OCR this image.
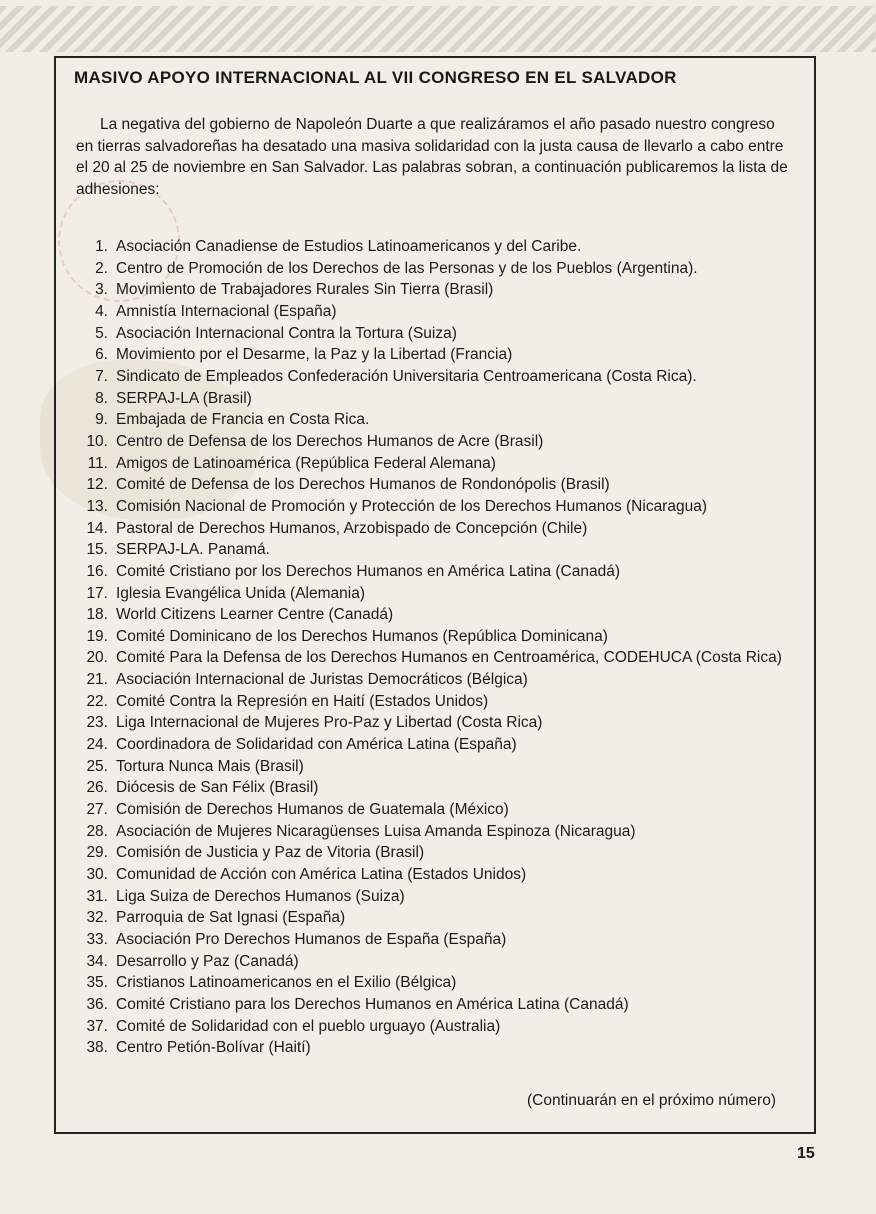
MASIVO APOYO INTERNACIONAL AL VII CONGRESO EN EL SALVADOR

La negativa del gobierno de Napoleón Duarte a que realizáramos el año pasado nuestro congreso en tierras salvadoreñas ha desatado una masiva solidaridad con la justa causa de llevarlo a cabo entre el 20 al 25 de noviembre en San Salvador. Las palabras sobran, a continuación publicaremos la lista de adhesiones:

1. Asociación Canadiense de Estudios Latinoamericanos y del Caribe.
2. Centro de Promoción de los Derechos de las Personas y de los Pueblos (Argentina).
3. Movimiento de Trabajadores Rurales Sin Tierra (Brasil)
4. Amnistía Internacional (España)
5. Asociación Internacional Contra la Tortura (Suiza)
6. Movimiento por el Desarme, la Paz y la Libertad (Francia)
7. Sindicato de Empleados Confederación Universitaria Centroamericana (Costa Rica).
8. SERPAJ-LA (Brasil)
9. Embajada de Francia en Costa Rica.
10. Centro de Defensa de los Derechos Humanos de Acre (Brasil)
11. Amigos de Latinoamérica (República Federal Alemana)
12. Comité de Defensa de los Derechos Humanos de Rondonópolis (Brasil)
13. Comisión Nacional de Promoción y Protección de los Derechos Humanos (Nicaragua)
14. Pastoral de Derechos Humanos, Arzobispado de Concepción (Chile)
15. SERPAJ-LA. Panamá.
16. Comité Cristiano por los Derechos Humanos en América Latina (Canadá)
17. Iglesia Evangélica Unida (Alemania)
18. World Citizens Learner Centre (Canadá)
19. Comité Dominicano de los Derechos Humanos (República Dominicana)
20. Comité Para la Defensa de los Derechos Humanos en Centroamérica, CODEHUCA (Costa Rica)
21. Asociación Internacional de Juristas Democráticos (Bélgica)
22. Comité Contra la Represión en Haití (Estados Unidos)
23. Liga Internacional de Mujeres Pro-Paz y Libertad (Costa Rica)
24. Coordinadora de Solidaridad con América Latina (España)
25. Tortura Nunca Mais (Brasil)
26. Diócesis de San Félix (Brasil)
27. Comisión de Derechos Humanos de Guatemala (México)
28. Asociación de Mujeres Nicaragüenses Luisa Amanda Espinoza (Nicaragua)
29. Comisión de Justicia y Paz de Vitoria (Brasil)
30. Comunidad de Acción con América Latina (Estados Unidos)
31. Liga Suiza de Derechos Humanos (Suiza)
32. Parroquia de Sat Ignasi (España)
33. Asociación Pro Derechos Humanos de España (España)
34. Desarrollo y Paz (Canadá)
35. Cristianos Latinoamericanos en el Exilio (Bélgica)
36. Comité Cristiano para los Derechos Humanos en América Latina (Canadá)
37. Comité de Solidaridad con el pueblo urguayo (Australia)
38. Centro Petión-Bolívar (Haití)
(Continuarán en el próximo número)
15
